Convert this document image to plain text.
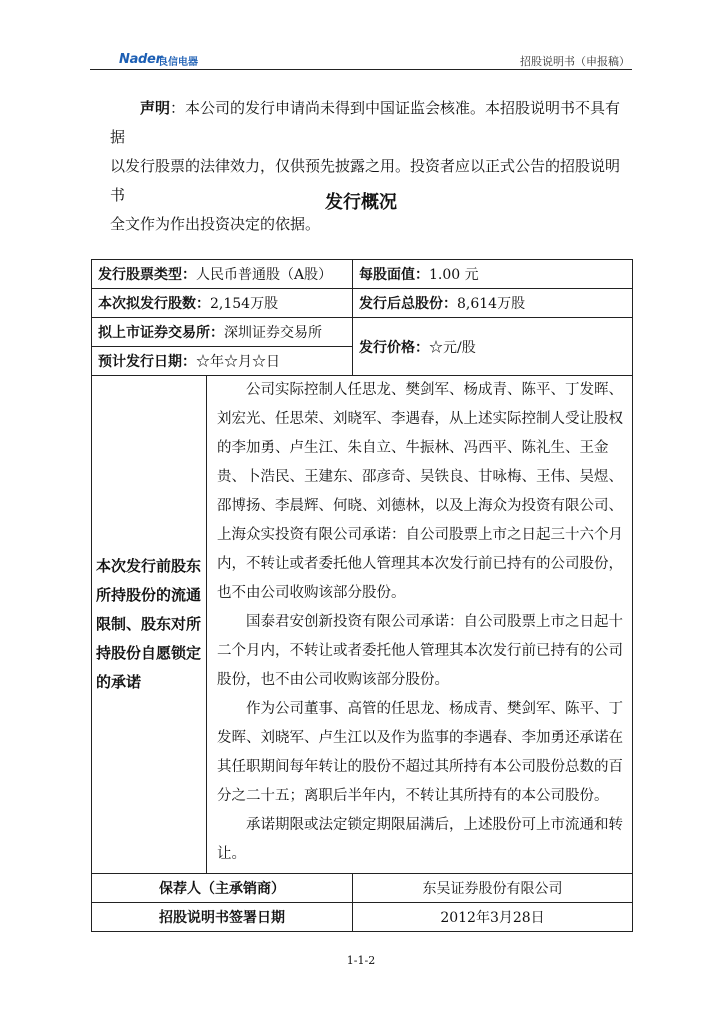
Nader
良信电器	招股说明书（申报稿）

声明：本公司的发行申请尚未得到中国证监会核准。本招股说明书不具有据

以发行股票的法律效力，仅供预先披露之用。投资者应以正式公告的招股说明书

全文作为作出投资决定的依据。

发行概况
发行股票类型：人民币普通股（A股）		每股面值：1.00 元
本次拟发行股数：2,154万股		发行后总股份：8,614万股
拟上市证券交易所：深圳证券交易所		发行价格：☆元/股
预计发行日期：☆年☆月☆日		
本次发行前股东所持股份的流通限制、股东对所持股份自愿锁定的承诺	公司实际控制人任思龙、樊剑军、杨成青、陈平、丁发晖、刘宏光、任思荣、刘晓军、李遇春，从上述实际控制人受让股权的李加勇、卢生江、朱自立、牛振林、冯西平、陈礼生、王金贵、卜浩民、王建东、邵彦奇、吴铁良、甘咏梅、王伟、吴煜、邵博扬、李晨辉、何晓、刘德林，以及上海众为投资有限公司、上海众实投资有限公司承诺：自公司股票上市之日起三十六个月内，不转让或者委托他人管理其本次发行前已持有的公司股份，也不由公司收购该部分股份。

国泰君安创新投资有限公司承诺：自公司股票上市之日起十二个月内，不转让或者委托他人管理其本次发行前已持有的公司股份，也不由公司收购该部分股份。

作为公司董事、高管的任思龙、杨成青、樊剑军、陈平、丁发晖、刘晓军、卢生江以及作为监事的李遇春、李加勇还承诺在其任职期间每年转让的股份不超过其所持有本公司股份总数的百分之二十五；离职后半年内，不转让其所持有的本公司股份。

承诺期限或法定锁定期限届满后，上述股份可上市流通和转让。	

保荐人（主承销商）		东吴证券股份有限公司
招股说明书签署日期		2012年3月28日
1-1-2
